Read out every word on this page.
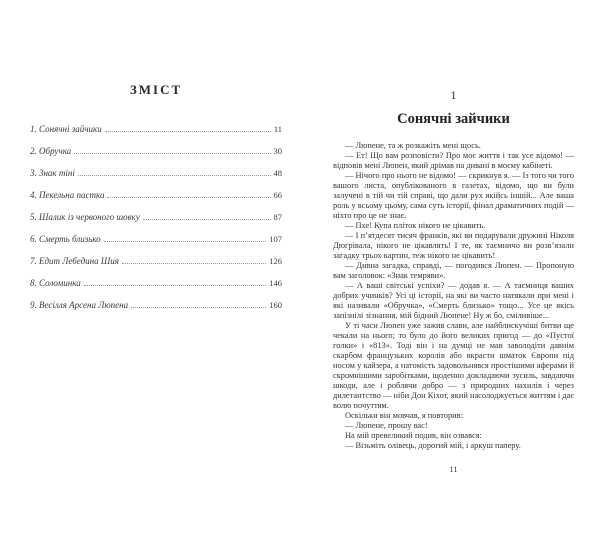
ЗМІСТ
1. Сонячні зайчики	11
2. Обручка	30
3. Знак тіні	48
4. Пекельна пастка	66
5. Шалик із червоного шовку	87
6. Смерть близько	107
7. Едит Лебедина Шия	126
8. Соломинка	146
9. Весілля Арсена Люпена	160
1
Сонячні зайчики

— Люпене, та ж розкажіть мені щось.

— Ет! Що вам розповісти? Про моє життя і так усе відомо! — відповів мені Люпен, який дрімав на дивані в моєму кабінеті.

— Нічого про нього не відомо! — скрикнув я. — Із того чи того вашого листа, опублікованого в газетах, відомо, що ви були залучені в тій чи тій справі, що дали рух якійсь іншій... Але ваша роль у всьому цьому, сама суть історії, фінал драматичних подій — ніхто про це не знає.

— Пхе! Купа пліток нікого не цікавить.

— І п’ятдесят тисяч франків, які ви подарували дружині Ніколя Дюгрівала, нікого не цікавлять! І те, як таємничо ви розв’язали загадку трьох картин, теж нікого не цікавить!

— Дивна загадка, справді, — погодився Люпен. — Пропоную вам заголовок: «Знак темряви».

— А ваші світські успіхи? — додав я. — А таємниця ваших добрих учинків? Усі ці історії, на які ви часто натякали при мені і які називали «Обручка», «Смерть близько» тощо... Усе це якісь запізнілі зізнання, мій бідний Люпене! Ну ж бо, сміливіше...

У ті часи Люпен уже зажив слави, але найблискучіші битви ще чекали на нього; то було до його великих пригод — до «Пустої голки» і «813». Тоді він і на думці не мав заволодіти давнім скарбом французьких королів або вкрасти шматок Європи під носом у кайзера, а натомість задовольнявся простішими аферами й скромнішими заробітками, щоденно докладаючи зусиль, завдаючи шкоди, але і роблячи добро — з природних нахилів і через дилетантство — ніби Дон Кіхот, який насолоджується життям і дає волю почуттям.

Оскільки він мовчав, я повторив:

— Люпене, прошу вас!

На мій превеликий подив, він озвався:

— Візьміть олівець, дорогий мій, і аркуш паперу.

11
